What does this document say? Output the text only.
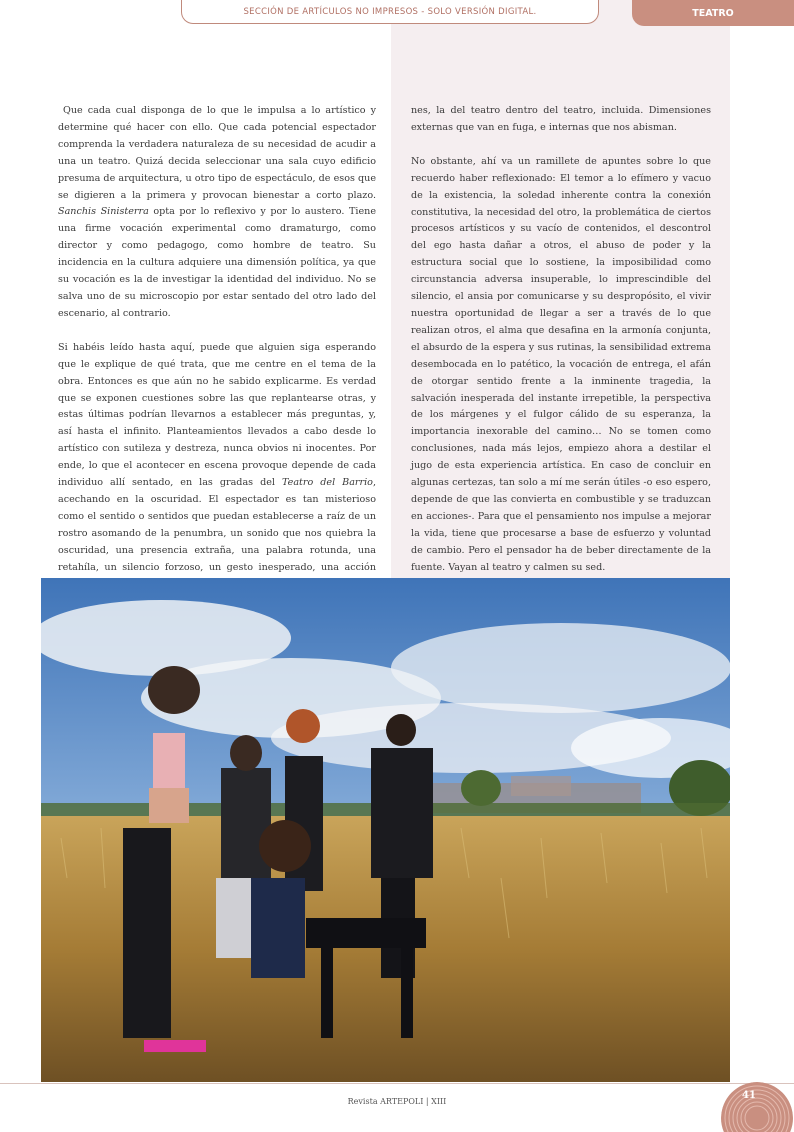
SECCIÓN DE ARTÍCULOS NO IMPRESOS - SOLO VERSIÓN DIGITAL.	TEATRO

Que cada cual disponga de lo que le impulsa a lo artístico y determine qué hacer con ello. Que cada potencial espectador comprenda la verdadera naturaleza de su necesidad de acudir a una un teatro. Quizá decida seleccionar una sala cuyo edificio presuma de arquitectura, u otro tipo de espectáculo, de esos que se digieren a la primera y provocan bienestar a corto plazo. Sanchis Sinisterra opta por lo reflexivo y por lo austero. Tiene una firme vocación experimental como dramaturgo, como director y como pedagogo, como hombre de teatro. Su incidencia en la cultura adquiere una dimensión política, ya que su vocación es la de investigar la identidad del individuo. No se salva uno de su microscopio por estar sentado del otro lado del escenario, al contrario.

Si habéis leído hasta aquí, puede que alguien siga esperando que le explique de qué trata, que me centre en el tema de la obra. Entonces es que aún no he sabido explicarme. Es verdad que se exponen cuestiones sobre las que replantearse otras, y estas últimas podrían llevarnos a establecer más preguntas, y, así hasta el infinito. Planteamientos llevados a cabo desde lo artístico con sutileza y destreza, nunca obvios ni inocentes. Por ende, lo que el acontecer en escena provoque depende de cada individuo allí sentado, en las gradas del Teatro del Barrio, acechando en la oscuridad. El espectador es tan misterioso como el sentido o sentidos que puedan establecerse a raíz de un rostro asomando de la penumbra, un sonido que nos quiebra la oscuridad, una presencia extraña, una palabra rotunda, una retahíla, un silencio forzoso, un gesto inesperado, una acción

nes, la del teatro dentro del teatro, incluida. Dimensiones externas que van en fuga, e internas que nos abisman.

No obstante, ahí va un ramillete de apuntes sobre lo que recuerdo haber reflexionado: El temor a lo efímero y vacuo de la existencia, la soledad inherente contra la conexión constitutiva, la necesidad del otro, la problemática de ciertos procesos artísticos y su vacío de contenidos, el descontrol del ego hasta dañar a otros, el abuso de poder y la estructura social que lo sostiene, la imposibilidad como circunstancia adversa insuperable, lo imprescindible del silencio, el ansia por comunicarse y su despropósito, el vivir nuestra oportunidad de llegar a ser a través de lo que realizan otros, el alma que desafina en la armonía conjunta, el absurdo de la espera y sus rutinas, la sensibilidad extrema desembocada en lo patético, la vocación de entrega, el afán de otorgar sentido frente a la inminente tragedia, la salvación inesperada del instante irrepetible, la perspectiva de los márgenes y el fulgor cálido de su esperanza, la importancia inexorable del camino… No se tomen como conclusiones, nada más lejos, empiezo ahora a destilar el jugo de esta experiencia artística. En caso de concluir en algunas certezas, tan solo a mí me serán útiles -o eso espero, depende de que las convierta en combustible y se traduzcan en acciones-. Para que el pensamiento nos impulse a mejorar la vida, tiene que procesarse a base de esfuerzo y voluntad de cambio. Pero el pensador ha de beber directamente de la fuente. Vayan al teatro y calmen su sed.

Revista ARTEPOLI | XIII
41
